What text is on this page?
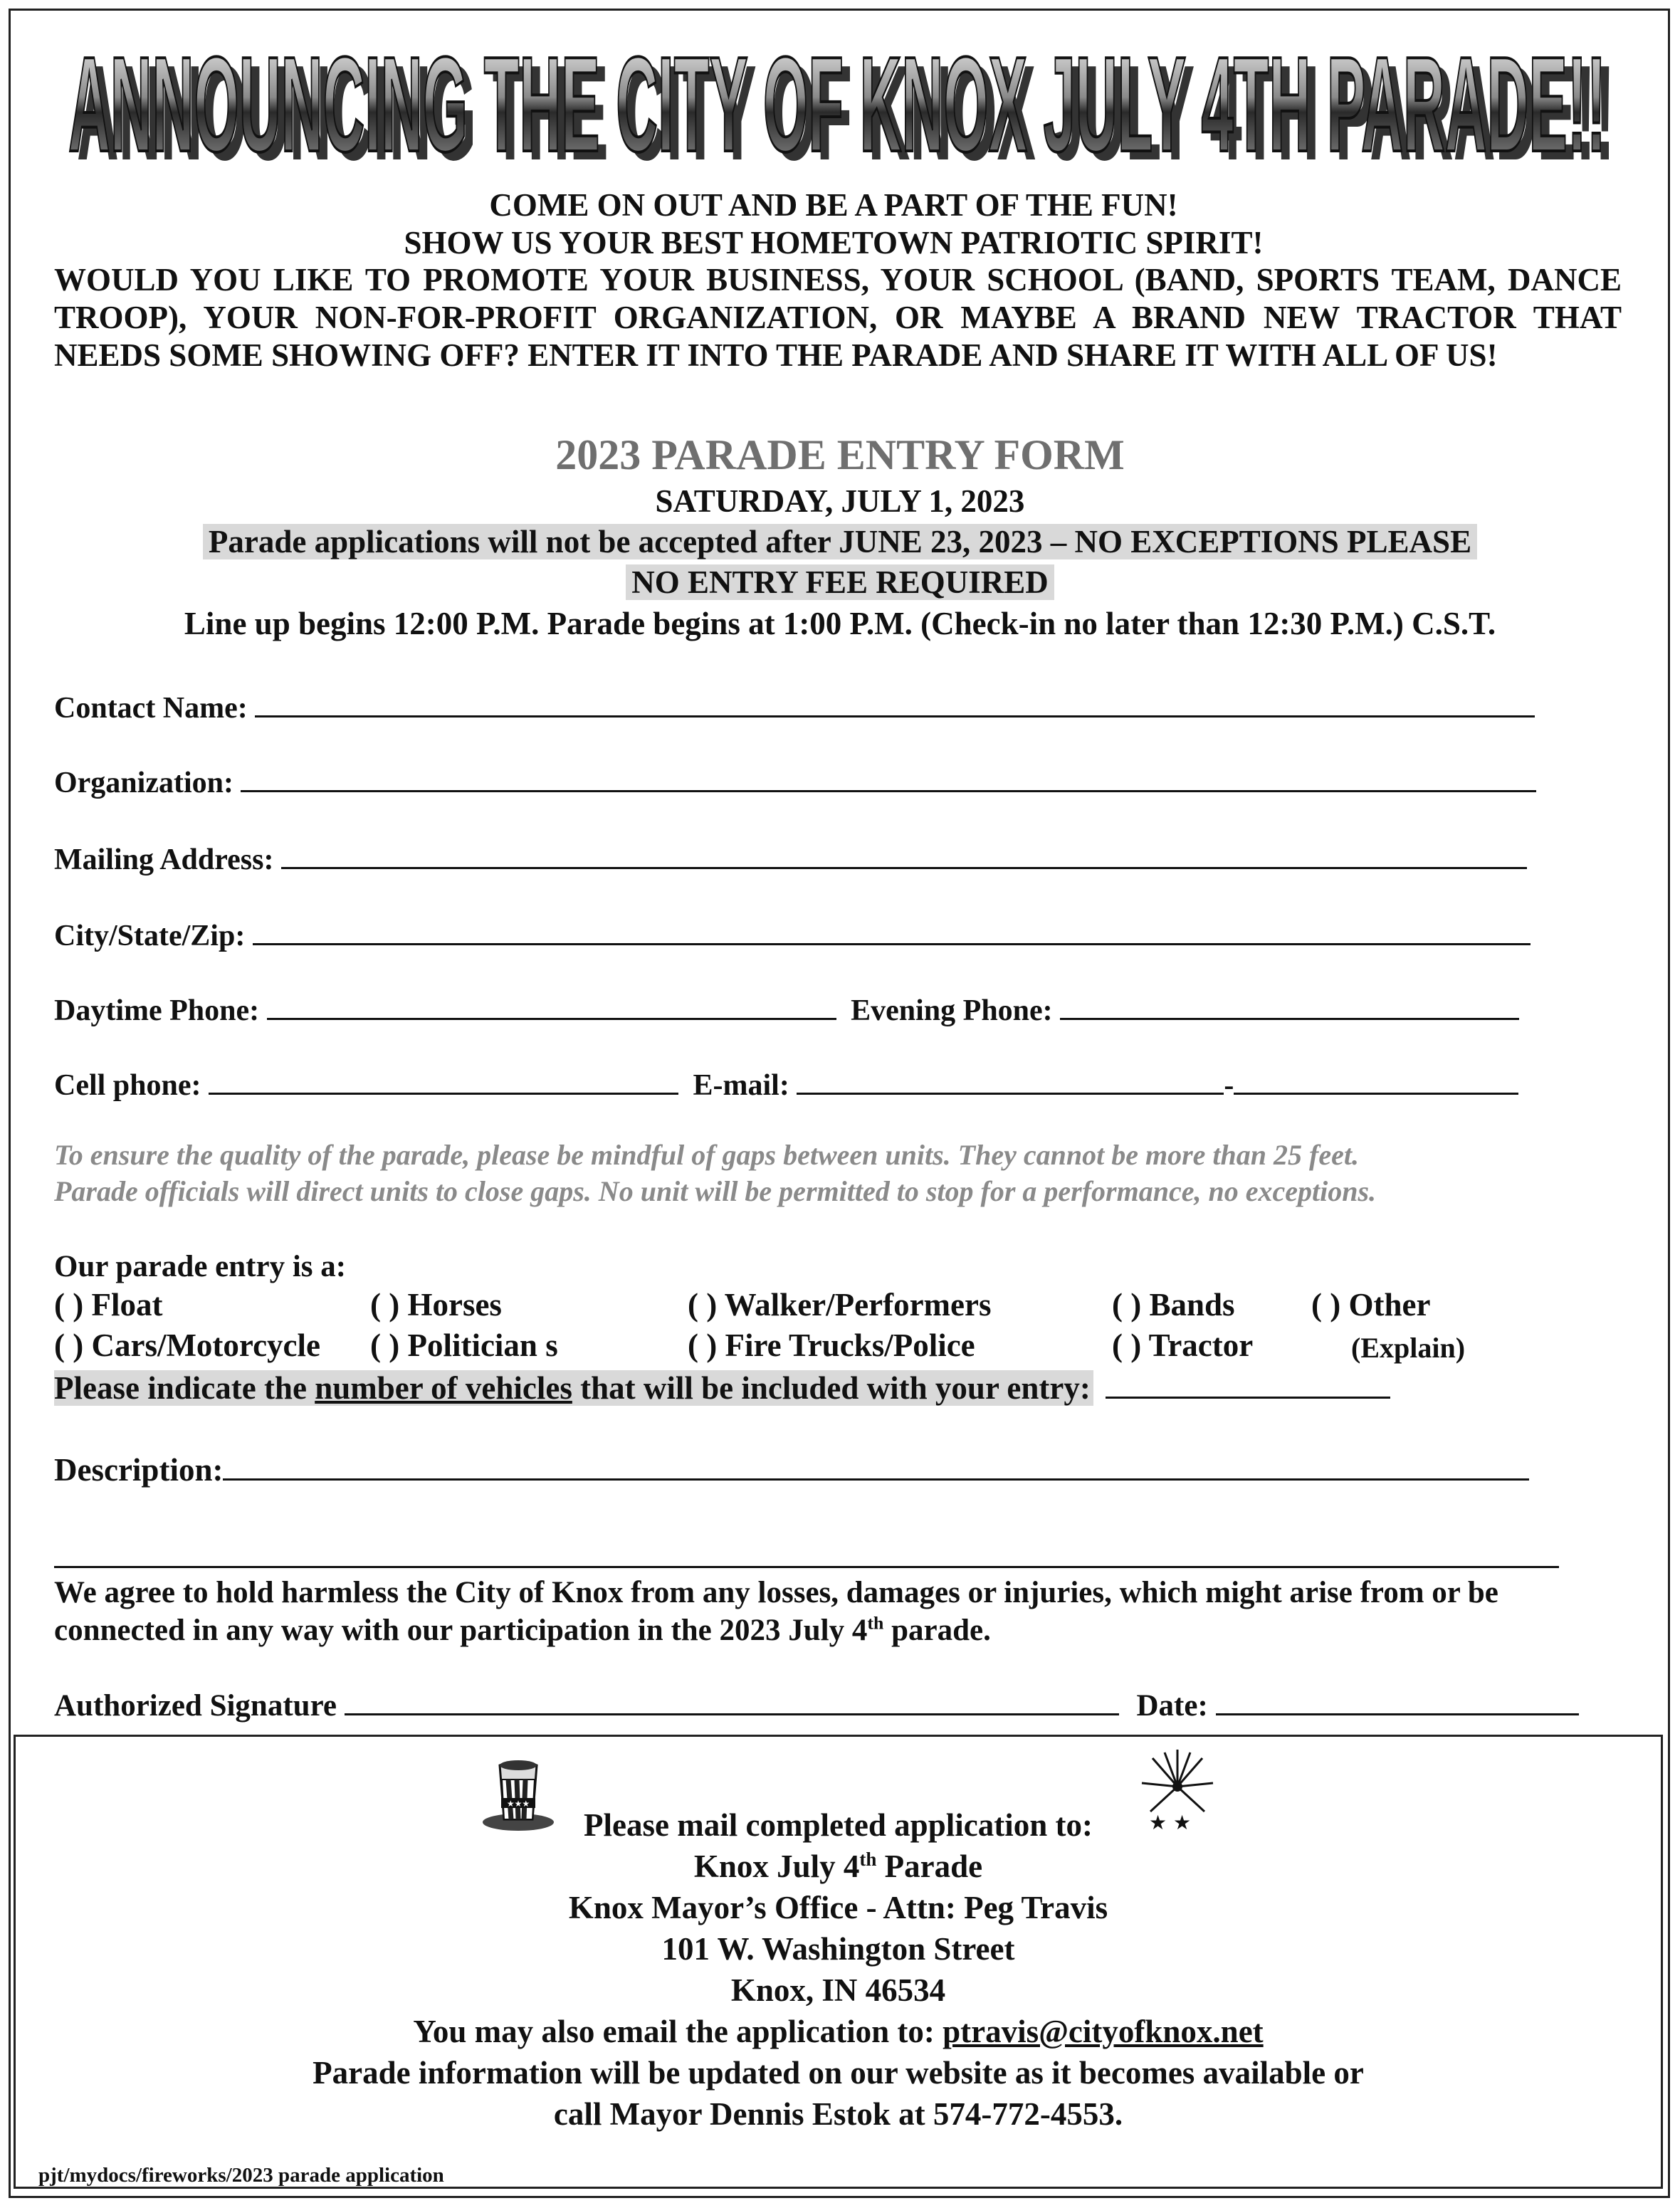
ANNOUNCING THE CITY OF KNOX JULY 4TH PARADE!!
ANNOUNCING THE CITY OF KNOX JULY 4TH PARADE!!
COME ON OUT AND BE A PART OF THE FUN!
SHOW US YOUR BEST HOMETOWN PATRIOTIC SPIRIT!
WOULD YOU LIKE TO PROMOTE YOUR BUSINESS, YOUR SCHOOL (BAND, SPORTS TEAM, DANCE TROOP), YOUR NON-FOR-PROFIT ORGANIZATION, OR MAYBE A BRAND NEW TRACTOR THAT NEEDS SOME SHOWING OFF? ENTER IT INTO THE PARADE AND SHARE IT WITH ALL OF US!
2023 PARADE ENTRY FORM
SATURDAY, JULY 1, 2023
Parade applications will not be accepted after JUNE 23, 2023 – NO EXCEPTIONS PLEASE
NO ENTRY FEE REQUIRED
Line up begins 12:00 P.M. Parade begins at 1:00 P.M. (Check-in no later than 12:30 P.M.) C.S.T.
Contact Name:
Organization:
Mailing Address:
City/State/Zip:
Daytime Phone:	Evening Phone:
Cell phone:	E-mail:	-
To ensure the quality of the parade, please be mindful of gaps between units. They cannot be more than 25 feet.
Parade officials will direct units to close gaps. No unit will be permitted to stop for a performance, no exceptions.
Our parade entry is a:
( ) Float	( ) Horses	( ) Walker/Performers	( ) Bands ( ) Other
( ) Cars/Motorcycle ( ) Politician s	( ) Fire Trucks/Police	( ) Tractor	(Explain)
Please indicate the number of vehicles that will be included with your entry:
Description:
We agree to hold harmless the City of Knox from any losses, damages or injuries, which might arise from or be connected in any way with our participation in the 2023 July 4th parade.
Authorized Signature	Date:
★★★
★ ★
Please mail completed application to:
Knox July 4th Parade
Knox Mayor’s Office - Attn: Peg Travis
101 W. Washington Street
Knox, IN 46534
You may also email the application to: ptravis@cityofknox.net
Parade information will be updated on our website as it becomes available or
call Mayor Dennis Estok at 574-772-4553.
pjt/mydocs/fireworks/2023 parade application
